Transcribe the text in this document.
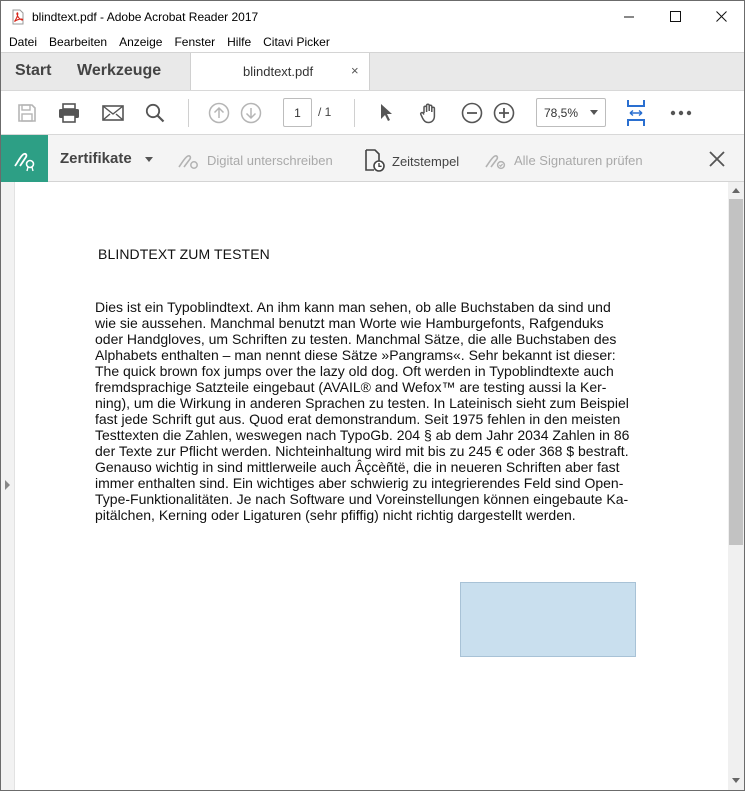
blindtext.pdf - Adobe Acrobat Reader 2017
Datei	Bearbeiten	Anzeige	Fenster	Hilfe	Citavi Picker
Start Werkzeuge	blindtext.pdf	×
1	/ 1	78,5%
Zertifikate	Digital unterschreiben	Zeitstempel	Alle Signaturen prüfen
BLINDTEXT ZUM TESTEN
Dies ist ein Typoblindtext. An ihm kann man sehen, ob alle Buchstaben da sind und
wie sie aussehen. Manchmal benutzt man Worte wie Hamburgefonts, Rafgenduks
oder Handgloves, um Schriften zu testen. Manchmal Sätze, die alle Buchstaben des
Alphabets enthalten – man nennt diese Sätze »Pangrams«. Sehr bekannt ist dieser:
The quick brown fox jumps over the lazy old dog. Oft werden in Typoblindtexte auch
fremdsprachige Satzteile eingebaut (AVAIL® and Wefox™ are testing aussi la Ker-
ning), um die Wirkung in anderen Sprachen zu testen. In Lateinisch sieht zum Beispiel
fast jede Schrift gut aus. Quod erat demonstrandum. Seit 1975 fehlen in den meisten
Testtexten die Zahlen, weswegen nach TypoGb. 204 § ab dem Jahr 2034 Zahlen in 86
der Texte zur Pflicht werden. Nichteinhaltung wird mit bis zu 245 € oder 368 $ bestraft.
Genauso wichtig in sind mittlerweile auch Âçcèñtë, die in neueren Schriften aber fast
immer enthalten sind. Ein wichtiges aber schwierig zu integrierendes Feld sind Open-
Type-Funktionalitäten. Je nach Software und Voreinstellungen können eingebaute Ka-
pitälchen, Kerning oder Ligaturen (sehr pfiffig) nicht richtig dargestellt werden.
